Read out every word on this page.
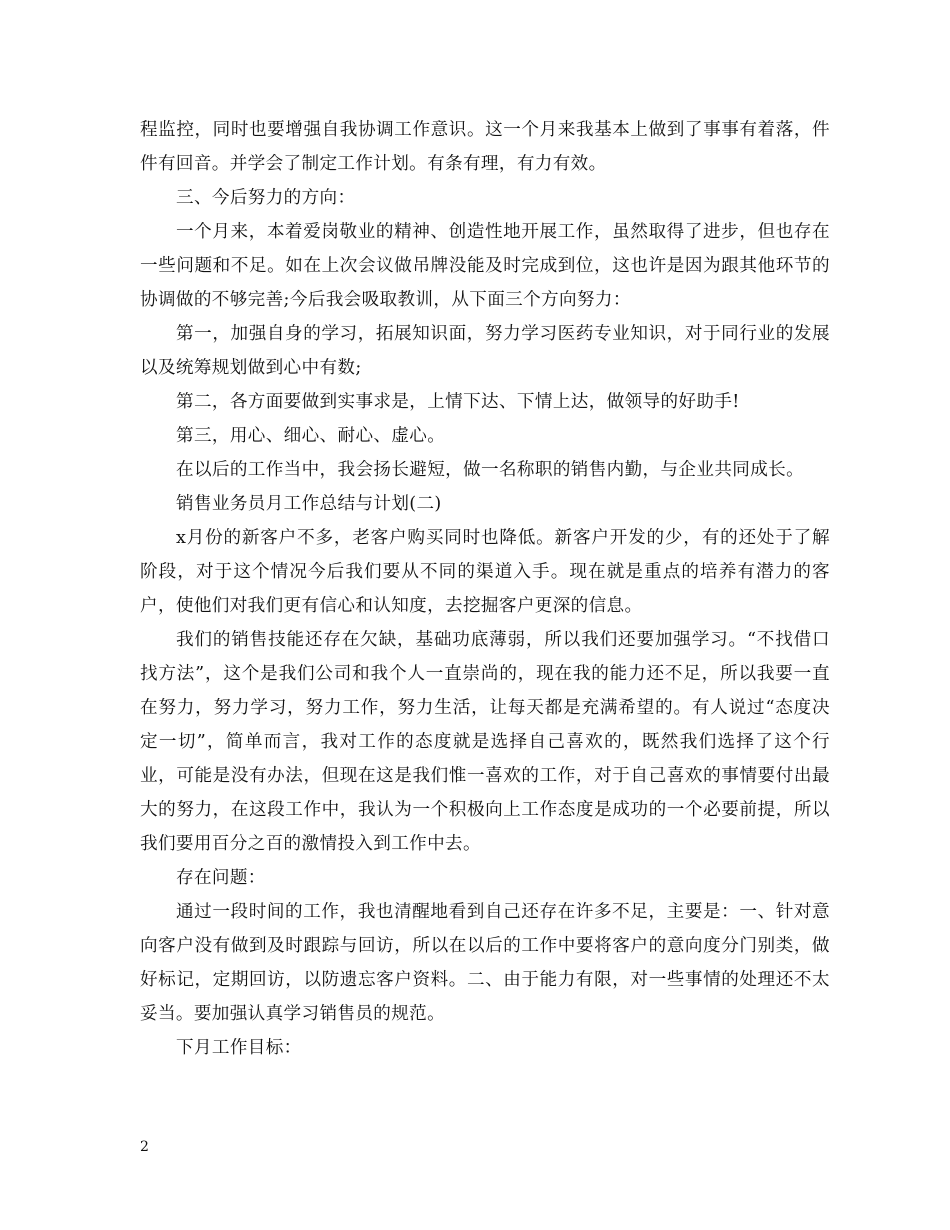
程监控，同时也要增强自我协调工作意识。这一个月来我基本上做到了事事有着落，件件有回音。并学会了制定工作计划。有条有理，有力有效。

三、今后努力的方向：

一个月来，本着爱岗敬业的精神、创造性地开展工作，虽然取得了进步，但也存在一些问题和不足。如在上次会议做吊牌没能及时完成到位，这也许是因为跟其他环节的协调做的不够完善;今后我会吸取教训，从下面三个方向努力：

第一，加强自身的学习，拓展知识面，努力学习医药专业知识，对于同行业的发展以及统筹规划做到心中有数;

第二，各方面要做到实事求是，上情下达、下情上达，做领导的好助手!

第三，用心、细心、耐心、虚心。

在以后的工作当中，我会扬长避短，做一名称职的销售内勤，与企业共同成长。

销售业务员月工作总结与计划(二)

x月份的新客户不多，老客户购买同时也降低。新客户开发的少，有的还处于了解阶段，对于这个情况今后我们要从不同的渠道入手。现在就是重点的培养有潜力的客户，使他们对我们更有信心和认知度，去挖掘客户更深的信息。

我们的销售技能还存在欠缺，基础功底薄弱，所以我们还要加强学习。“不找借口找方法”，这个是我们公司和我个人一直崇尚的，现在我的能力还不足，所以我要一直在努力，努力学习，努力工作，努力生活，让每天都是充满希望的。有人说过“态度决定一切”，简单而言，我对工作的态度就是选择自己喜欢的，既然我们选择了这个行业，可能是没有办法，但现在这是我们惟一喜欢的工作，对于自己喜欢的事情要付出最大的努力，在这段工作中，我认为一个积极向上工作态度是成功的一个必要前提，所以我们要用百分之百的激情投入到工作中去。

存在问题：

通过一段时间的工作，我也清醒地看到自己还存在许多不足，主要是：一、针对意向客户没有做到及时跟踪与回访，所以在以后的工作中要将客户的意向度分门别类，做好标记，定期回访，以防遗忘客户资料。二、由于能力有限，对一些事情的处理还不太妥当。要加强认真学习销售员的规范。

下月工作目标：

2
